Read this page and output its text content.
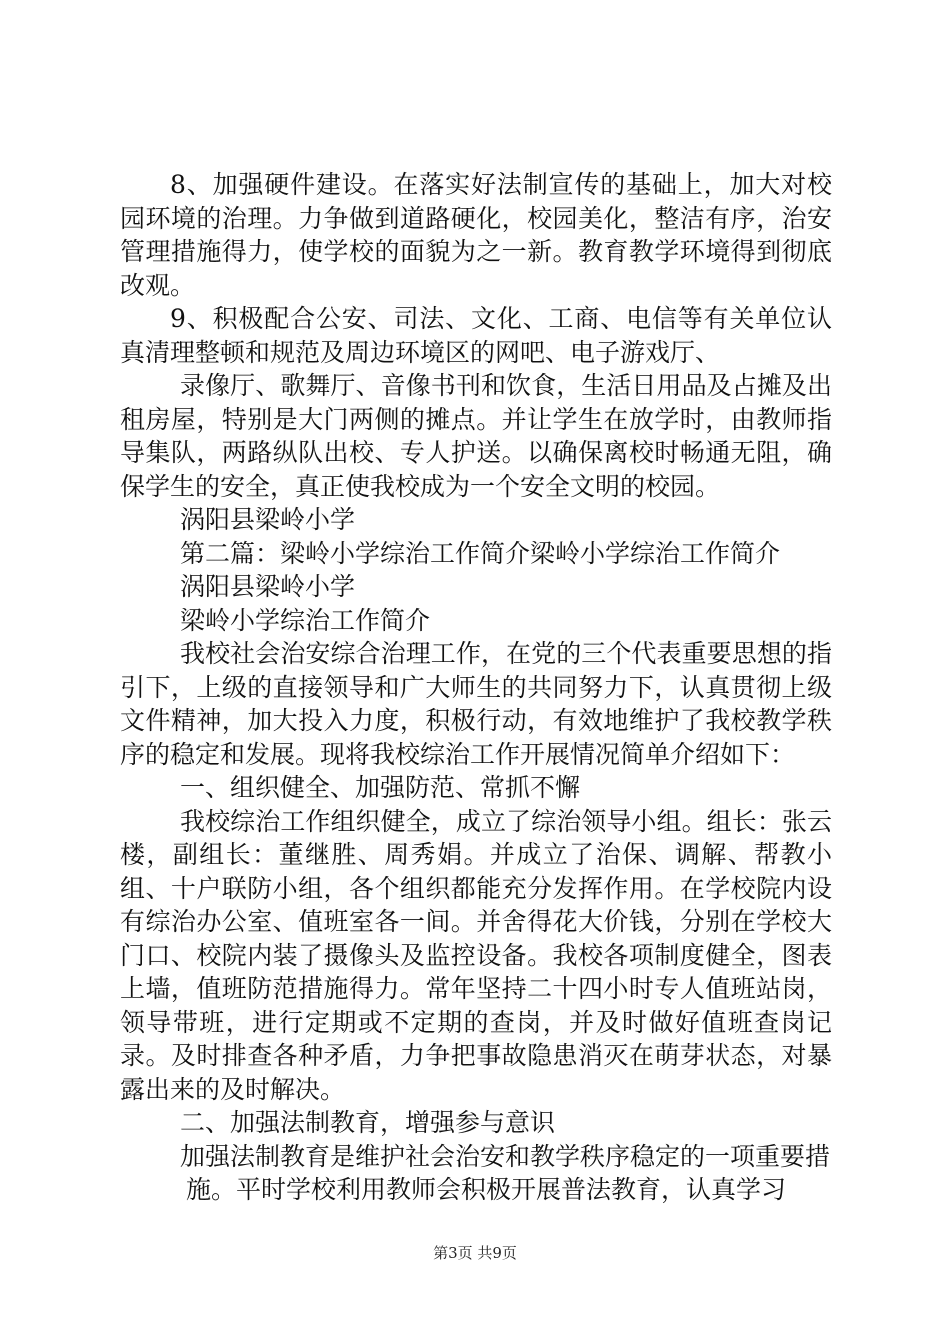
8、加强硬件建设。在落实好法制宣传的基础上，加大对校园环境的治理。力争做到道路硬化，校园美化，整洁有序，治安管理措施得力，使学校的面貌为之一新。教育教学环境得到彻底改观。

9、积极配合公安、司法、文化、工商、电信等有关单位认真清理整顿和规范及周边环境区的网吧、电子游戏厅、

录像厅、歌舞厅、音像书刊和饮食，生活日用品及占摊及出租房屋，特别是大门两侧的摊点。并让学生在放学时，由教师指导集队，两路纵队出校、专人护送。以确保离校时畅通无阻，确保学生的安全，真正使我校成为一个安全文明的校园。

涡阳县梁岭小学

第二篇：梁岭小学综治工作简介梁岭小学综治工作简介

涡阳县梁岭小学

梁岭小学综治工作简介

我校社会治安综合治理工作，在党的三个代表重要思想的指引下，上级的直接领导和广大师生的共同努力下，认真贯彻上级文件精神，加大投入力度，积极行动，有效地维护了我校教学秩序的稳定和发展。现将我校综治工作开展情况简单介绍如下：

一、组织健全、加强防范、常抓不懈

我校综治工作组织健全，成立了综治领导小组。组长：张云楼，副组长：董继胜、周秀娟。并成立了治保、调解、帮教小组、十户联防小组，各个组织都能充分发挥作用。在学校院内设有综治办公室、值班室各一间。并舍得花大价钱，分别在学校大门口、校院内装了摄像头及监控设备。我校各项制度健全，图表上墙，值班防范措施得力。常年坚持二十四小时专人值班站岗，领导带班，进行定期或不定期的查岗，并及时做好值班查岗记录。及时排查各种矛盾，力争把事故隐患消灭在萌芽状态，对暴露出来的及时解决。

二、加强法制教育，增强参与意识

加强法制教育是维护社会治安和教学秩序稳定的一项重要措

施。平时学校利用教师会积极开展普法教育，认真学习

第3页 共9页
